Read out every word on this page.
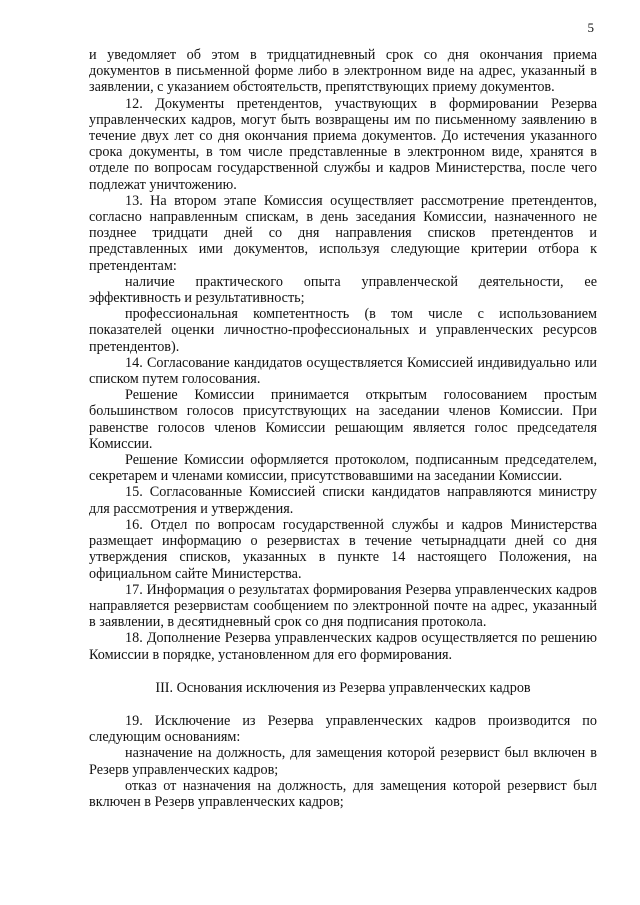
5

и уведомляет об этом в тридцатидневный срок со дня окончания приема документов в письменной форме либо в электронном виде на адрес, указанный в заявлении, с указанием обстоятельств, препятствующих приему документов.

12. Документы претендентов, участвующих в формировании Резерва управленческих кадров, могут быть возвращены им по письменному заявлению в течение двух лет со дня окончания приема документов. До истечения указанного срока документы, в том числе представленные в электронном виде, хранятся в отделе по вопросам государственной службы и кадров Министерства, после чего подлежат уничтожению.

13. На втором этапе Комиссия осуществляет рассмотрение претендентов, согласно направленным спискам, в день заседания Комиссии, назначенного не позднее тридцати дней со дня направления списков претендентов и представленных ими документов, используя следующие критерии отбора к претендентам:

наличие практического опыта управленческой деятельности, ее эффективность и результативность;

профессиональная компетентность (в том числе с использованием показателей оценки личностно-профессиональных и управленческих ресурсов претендентов).

14. Согласование кандидатов осуществляется Комиссией индивидуально или списком путем голосования.

Решение Комиссии принимается открытым голосованием простым большинством голосов присутствующих на заседании членов Комиссии. При равенстве голосов членов Комиссии решающим является голос председателя Комиссии.

Решение Комиссии оформляется протоколом, подписанным председателем, секретарем и членами комиссии, присутствовавшими на заседании Комиссии.

15. Согласованные Комиссией списки кандидатов направляются министру для рассмотрения и утверждения.

16. Отдел по вопросам государственной службы и кадров Министерства размещает информацию о резервистах в течение четырнадцати дней со дня утверждения списков, указанных в пункте 14 настоящего Положения, на официальном сайте Министерства.

17. Информация о результатах формирования Резерва управленческих кадров направляется резервистам сообщением по электронной почте на адрес, указанный в заявлении, в десятидневный срок со дня подписания протокола.

18. Дополнение Резерва управленческих кадров осуществляется по решению Комиссии в порядке, установленном для его формирования.

III. Основания исключения из Резерва управленческих кадров

19. Исключение из Резерва управленческих кадров производится по следующим основаниям:

назначение на должность, для замещения которой резервист был включен в Резерв управленческих кадров;

отказ от назначения на должность, для замещения которой резервист был включен в Резерв управленческих кадров;
